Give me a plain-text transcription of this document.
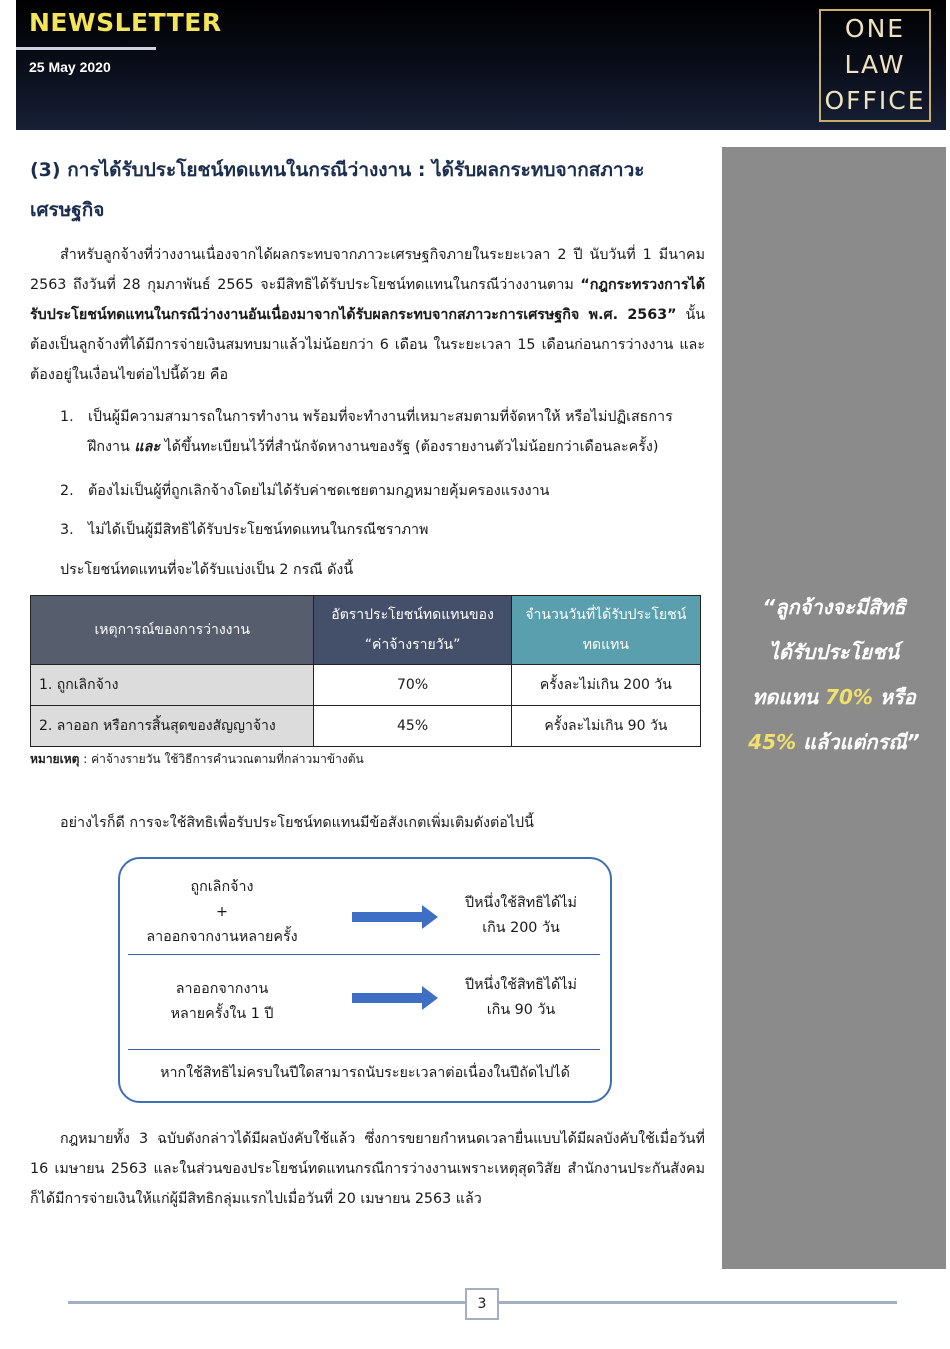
NEWSLETTER
25 May 2020
ONE
LAW
OFFICE
“ลูกจ้างจะมีสิทธิ
ได้รับประโยชน์
ทดแทน 70% หรือ
45% แล้วแต่กรณี”
(3) การได้รับประโยชน์ทดแทนในกรณีว่างงาน : ได้รับผลกระทบจากสภาวะเศรษฐกิจ

สำหรับลูกจ้างที่ว่างงานเนื่องจากได้ผลกระทบจากภาวะเศรษฐกิจภายในระยะเวลา 2 ปี นับวันที่ 1 มีนาคม 2563 ถึงวันที่ 28 กุมภาพันธ์ 2565 จะมีสิทธิได้รับประโยชน์ทดแทนในกรณีว่างงานตาม “กฎกระทรวงการได้รับประโยชน์ทดแทนในกรณีว่างงานอันเนื่องมาจากได้รับผลกระทบจากสภาวะการเศรษฐกิจ พ.ศ. 2563” นั้น ต้องเป็นลูกจ้างที่ได้มีการจ่ายเงินสมทบมาแล้วไม่น้อยกว่า 6 เดือน ในระยะเวลา 15 เดือนก่อนการว่างงาน และต้องอยู่ในเงื่อนไขต่อไปนี้ด้วย คือ

1. เป็นผู้มีความสามารถในการทำงาน พร้อมที่จะทำงานที่เหมาะสมตามที่จัดหาให้ หรือไม่ปฏิเสธการฝึกงาน และ ได้ขึ้นทะเบียนไว้ที่สำนักจัดหางานของรัฐ (ต้องรายงานตัวไม่น้อยกว่าเดือนละครั้ง)
2. ต้องไม่เป็นผู้ที่ถูกเลิกจ้างโดยไม่ได้รับค่าชดเชยตามกฎหมายคุ้มครองแรงงาน
3. ไม่ได้เป็นผู้มีสิทธิได้รับประโยชน์ทดแทนในกรณีชราภาพ

ประโยชน์ทดแทนที่จะได้รับแบ่งเป็น 2 กรณี ดังนี้

เหตุการณ์ของการว่างงาน	อัตราประโยชน์ทดแทนของ “ค่าจ้างรายวัน”	จำนวนวันที่ได้รับประโยชน์ทดแทน
1. ถูกเลิกจ้าง	70%	ครั้งละไม่เกิน 200 วัน
2. ลาออก หรือการสิ้นสุดของสัญญาจ้าง	45%	ครั้งละไม่เกิน 90 วัน
หมายเหตุ : ค่าจ้างรายวัน ใช้วิธีการคำนวณตามที่กล่าวมาข้างต้น

อย่างไรก็ดี การจะใช้สิทธิเพื่อรับประโยชน์ทดแทนมีข้อสังเกตเพิ่มเติมดังต่อไปนี้

ถูกเลิกจ้าง
+
ลาออกจากงานหลายครั้ง
ปีหนึ่งใช้สิทธิได้ไม่
เกิน 200 วัน
ลาออกจากงาน
หลายครั้งใน 1 ปี
ปีหนึ่งใช้สิทธิได้ไม่
เกิน 90 วัน
หากใช้สิทธิไม่ครบในปีใดสามารถนับระยะเวลาต่อเนื่องในปีถัดไปได้

กฎหมายทั้ง 3 ฉบับดังกล่าวได้มีผลบังคับใช้แล้ว ซึ่งการขยายกำหนดเวลายื่นแบบได้มีผลบังคับใช้เมื่อวันที่ 16 เมษายน 2563 และในส่วนของประโยชน์ทดแทนกรณีการว่างงานเพราะเหตุสุดวิสัย สำนักงานประกันสังคมก็ได้มีการจ่ายเงินให้แก่ผู้มีสิทธิกลุ่มแรกไปเมื่อวันที่ 20 เมษายน 2563 แล้ว

3
